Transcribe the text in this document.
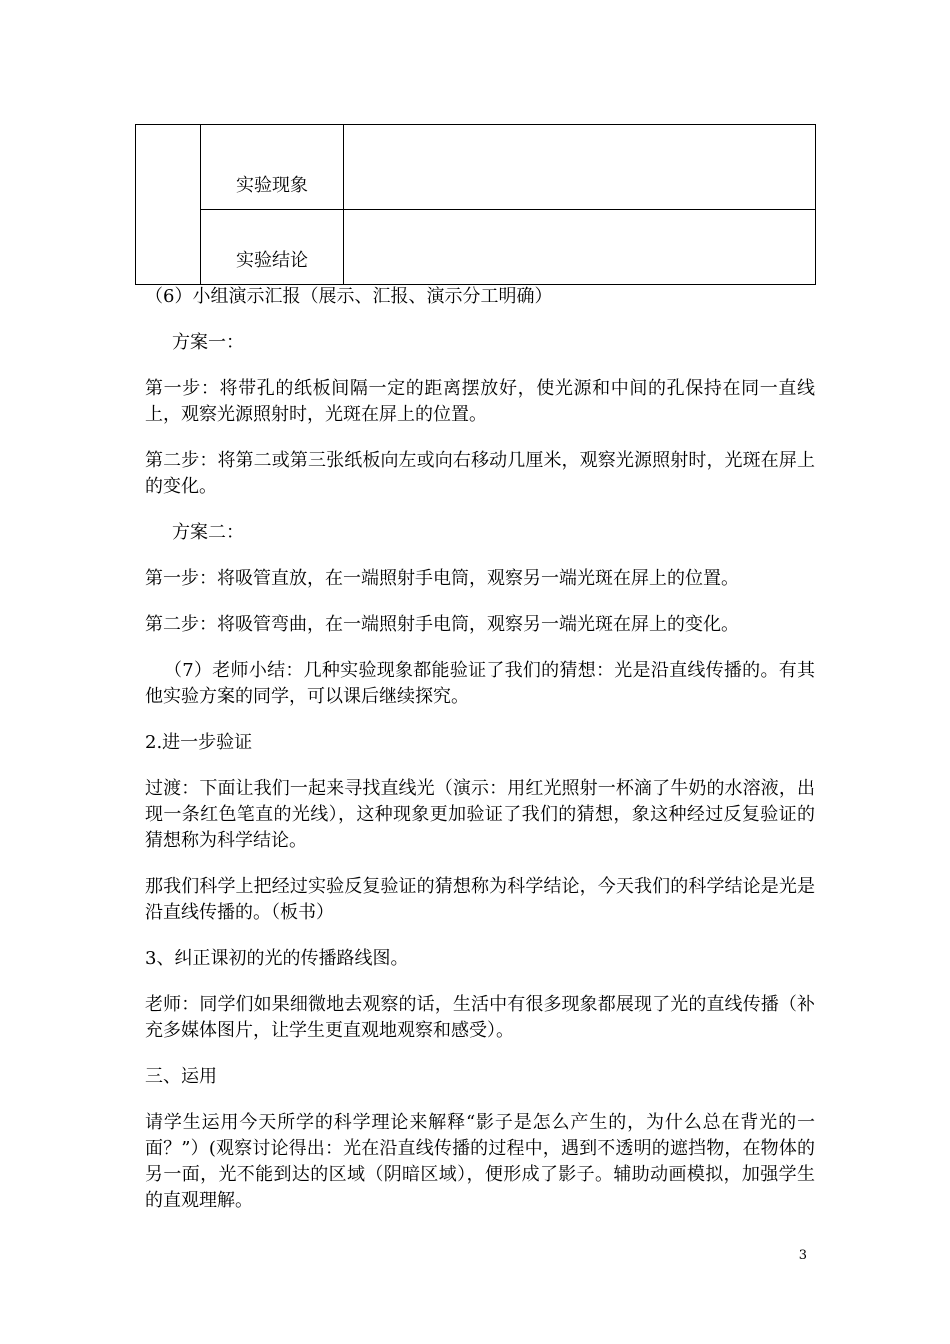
	实验现象	
	实验结论	

（6）小组演示汇报（展示、汇报、演示分工明确）

方案一：

第一步：将带孔的纸板间隔一定的距离摆放好，使光源和中间的孔保持在同一直线上，观察光源照射时，光斑在屏上的位置。

第二步：将第二或第三张纸板向左或向右移动几厘米，观察光源照射时，光斑在屏上的变化。

方案二：

第一步：将吸管直放，在一端照射手电筒，观察另一端光斑在屏上的位置。

第二步：将吸管弯曲，在一端照射手电筒，观察另一端光斑在屏上的变化。

（7）老师小结：几种实验现象都能验证了我们的猜想：光是沿直线传播的。有其他实验方案的同学，可以课后继续探究。

2.进一步验证

过渡：下面让我们一起来寻找直线光（演示：用红光照射一杯滴了牛奶的水溶液，出现一条红色笔直的光线），这种现象更加验证了我们的猜想，象这种经过反复验证的猜想称为科学结论。

那我们科学上把经过实验反复验证的猜想称为科学结论，今天我们的科学结论是光是沿直线传播的。（板书）

3、纠正课初的光的传播路线图。

老师：同学们如果细微地去观察的话，生活中有很多现象都展现了光的直线传播（补充多媒体图片，让学生更直观地观察和感受）。

三、运用

请学生运用今天所学的科学理论来解释“影子是怎么产生的，为什么总在背光的一面？”）(观察讨论得出：光在沿直线传播的过程中，遇到不透明的遮挡物，在物体的另一面，光不能到达的区域（阴暗区域），便形成了影子。辅助动画模拟，加强学生的直观理解。

3
